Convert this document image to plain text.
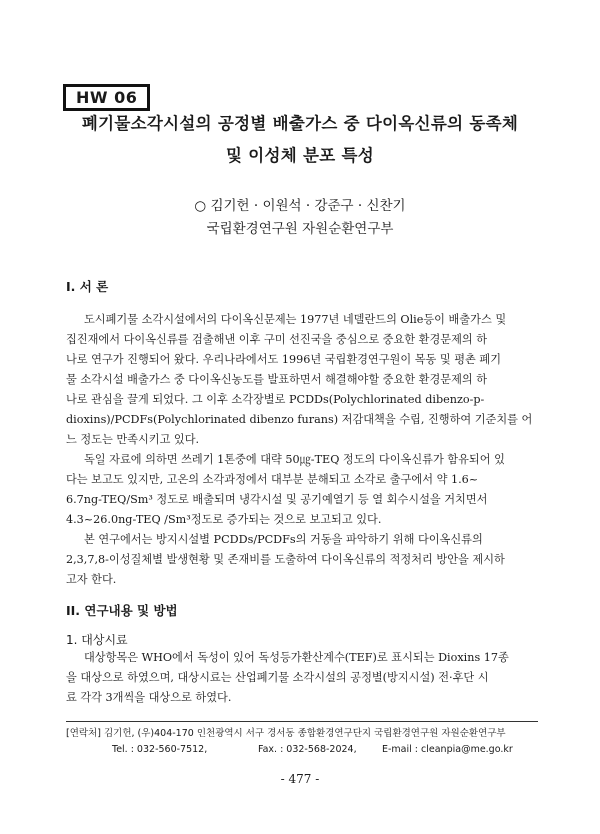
HW 06
폐기물소각시설의 공정별 배출가스 중 다이옥신류의 동족체
및 이성체 분포 특성
○ 김기헌 · 이원석 · 강준구 · 신찬기
국립환경연구원 자원순환연구부
I. 서 론
도시폐기물 소각시설에서의 다이옥신문제는 1977년 네델란드의 Olie등이 배출가스 및
집진재에서 다이옥신류를 검출해낸 이후 구미 선진국을 중심으로 중요한 환경문제의 하
나로 연구가 진행되어 왔다. 우리나라에서도 1996년 국립환경연구원이 목동 및 평촌 폐기
물 소각시설 배출가스 중 다이옥신농도를 발표하면서 해결해야할 중요한 환경문제의 하
나로 관심을 끌게 되었다. 그 이후 소각장별로 PCDDs(Polychlorinated dibenzo-p-
dioxins)/PCDFs(Polychlorinated dibenzo furans) 저감대책을 수립, 진행하여 기준치를 어
느 정도는 만족시키고 있다.
독일 자료에 의하면 쓰레기 1톤중에 대략 50㎍-TEQ 정도의 다이옥신류가 함유되어 있
다는 보고도 있지만, 고온의 소각과정에서 대부분 분해되고 소각로 출구에서 약 1.6~
6.7ng-TEQ/Sm³ 정도로 배출되며 냉각시설 및 공기예열기 등 열 회수시설을 거치면서
4.3~26.0ng-TEQ /Sm³정도로 증가되는 것으로 보고되고 있다.
본 연구에서는 방지시설별 PCDDs/PCDFs의 거동을 파악하기 위해 다이옥신류의
2,3,7,8-이성질체별 발생현황 및 존재비를 도출하여 다이옥신류의 적정처리 방안을 제시하
고자 한다.
II. 연구내용 및 방법
1. 대상시료
대상항목은 WHO에서 독성이 있어 독성등가환산계수(TEF)로 표시되는 Dioxins 17종
을 대상으로 하였으며, 대상시료는 산업폐기물 소각시설의 공정별(방지시설) 전·후단 시
료 각각 3개씩을 대상으로 하였다.
[연락처] 김기헌, (우)404-170 인천광역시 서구 경서동 종합환경연구단지 국립환경연구원 자원순환연구부
Tel. : 032-560-7512,	Fax. : 032-568-2024,	E-mail : cleanpia@me.go.kr
- 477 -
